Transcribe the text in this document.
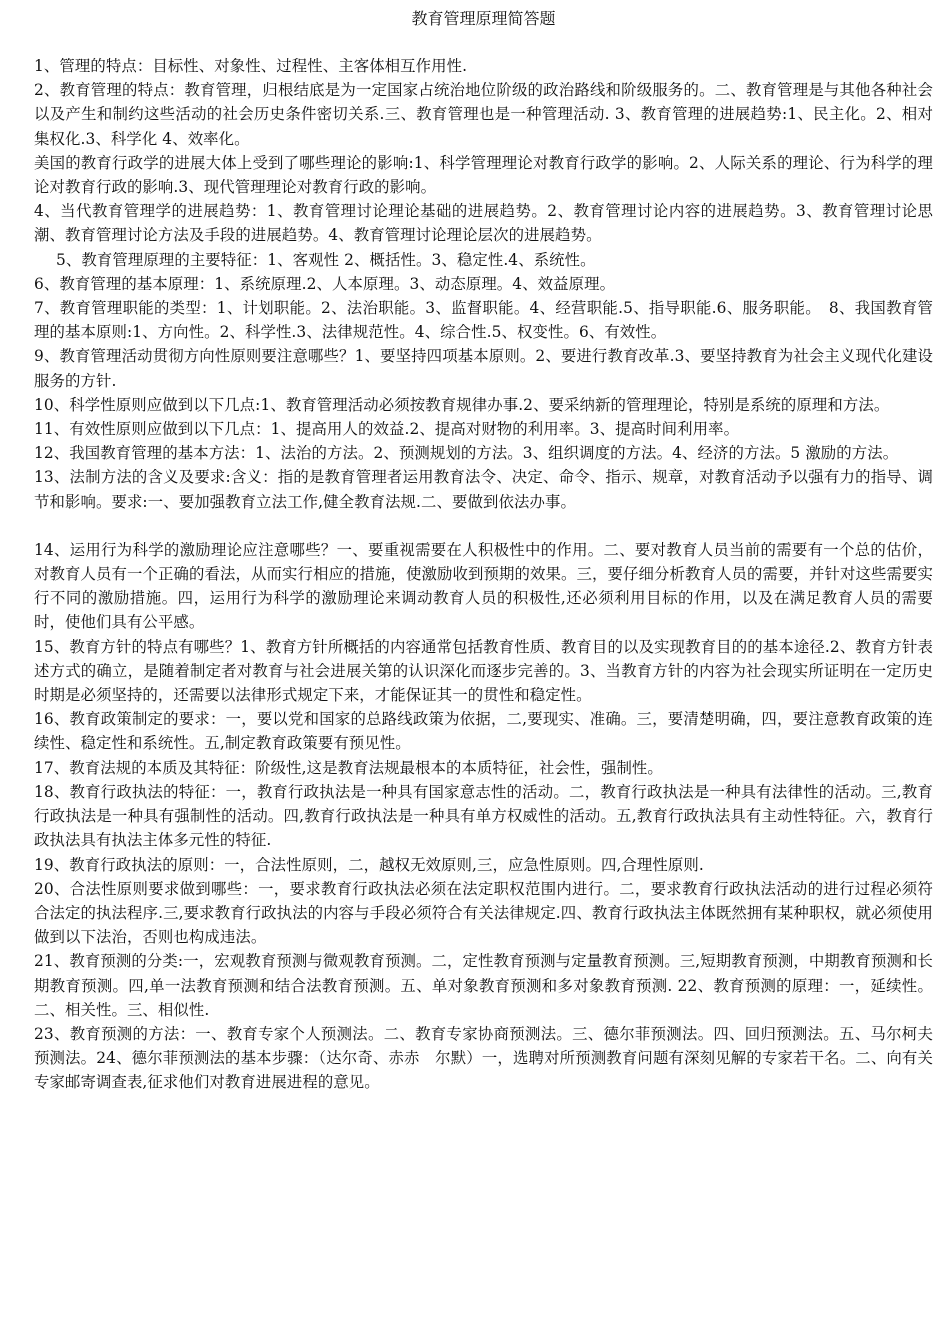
教育管理原理简答题

1、管理的特点：目标性、对象性、过程性、主客体相互作用性.

2、教育管理的特点：教育管理，归根结底是为一定国家占统治地位阶级的政治路线和阶级服务的。二、教育管理是与其他各种社会以及产生和制约这些活动的社会历史条件密切关系.三、教育管理也是一种管理活动. 3、教育管理的进展趋势:1、民主化。2、相对集权化.3、科学化 4、效率化。

美国的教育行政学的进展大体上受到了哪些理论的影响:1、科学管理理论对教育行政学的影响。2、人际关系的理论、行为科学的理论对教育行政的影响.3、现代管理理论对教育行政的影响。

4、当代教育管理学的进展趋势：1、教育管理讨论理论基础的进展趋势。2、教育管理讨论内容的进展趋势。3、教育管理讨论思潮、教育管理讨论方法及手段的进展趋势。4、教育管理讨论理论层次的进展趋势。

5、教育管理原理的主要特征：1、客观性 2、概括性。3、稳定性.4、系统性。

6、教育管理的基本原理：1、系统原理.2、人本原理。3、动态原理。4、效益原理。

7、教育管理职能的类型：1、计划职能。2、法治职能。3、监督职能。4、经营职能.5、指导职能.6、服务职能。　8、我国教育管理的基本原则:1、方向性。2、科学性.3、法律规范性。4、综合性.5、权变性。6、有效性。

9、教育管理活动贯彻方向性原则要注意哪些？1、要坚持四项基本原则。2、要进行教育改革.3、要坚持教育为社会主义现代化建设服务的方针.

10、科学性原则应做到以下几点:1、教育管理活动必须按教育规律办事.2、要采纳新的管理理论，特别是系统的原理和方法。

11、有效性原则应做到以下几点：1、提高用人的效益.2、提高对财物的利用率。3、提高时间利用率。

12、我国教育管理的基本方法：1、法治的方法。2、预测规划的方法。3、组织调度的方法。4、经济的方法。5 激励的方法。

13、法制方法的含义及要求:含义：指的是教育管理者运用教育法令、决定、命令、指示、规章，对教育活动予以强有力的指导、调节和影响。要求:一、要加强教育立法工作,健全教育法规.二、要做到依法办事。

14、运用行为科学的激励理论应注意哪些？一、要重视需要在人积极性中的作用。二、要对教育人员当前的需要有一个总的估价，对教育人员有一个正确的看法，从而实行相应的措施，使激励收到预期的效果。三，要仔细分析教育人员的需要，并针对这些需要实行不同的激励措施。四，运用行为科学的激励理论来调动教育人员的积极性,还必须利用目标的作用，以及在满足教育人员的需要时，使他们具有公平感。

15、教育方针的特点有哪些？1、教育方针所概括的内容通常包括教育性质、教育目的以及实现教育目的的基本途径.2、教育方针表述方式的确立，是随着制定者对教育与社会进展关第的认识深化而逐步完善的。3、当教育方针的内容为社会现实所证明在一定历史时期是必须坚持的，还需要以法律形式规定下来，才能保证其一的贯性和稳定性。

16、教育政策制定的要求：一，要以党和国家的总路线政策为依据，二,要现实、准确。三，要清楚明确，四，要注意教育政策的连续性、稳定性和系统性。五,制定教育政策要有预见性。

17、教育法规的本质及其特征：阶级性,这是教育法规最根本的本质特征，社会性，强制性。

18、教育行政执法的特征：一，教育行政执法是一种具有国家意志性的活动。二，教育行政执法是一种具有法律性的活动。三,教育行政执法是一种具有强制性的活动。四,教育行政执法是一种具有单方权威性的活动。五,教育行政执法具有主动性特征。六，教育行政执法具有执法主体多元性的特征.

19、教育行政执法的原则：一，合法性原则，二，越权无效原则,三，应急性原则。四,合理性原则.

20、合法性原则要求做到哪些：一，要求教育行政执法必须在法定职权范围内进行。二，要求教育行政执法活动的进行过程必须符合法定的执法程序.三,要求教育行政执法的内容与手段必须符合有关法律规定.四、教育行政执法主体既然拥有某种职权，就必须使用做到以下法治，否则也构成违法。

21、教育预测的分类:一，宏观教育预测与微观教育预测。二，定性教育预测与定量教育预测。三,短期教育预测，中期教育预测和长期教育预测。四,单一法教育预测和结合法教育预测。五、单对象教育预测和多对象教育预测. 22、教育预测的原理：一，延续性。二、相关性。三、相似性.

23、教育预测的方法：一、教育专家个人预测法。二、教育专家协商预测法。三、德尔菲预测法。四、回归预测法。五、马尔柯夫预测法。24、德尔菲预测法的基本步骤：（达尔奇、赤赤　尔默）一，选聘对所预测教育问题有深刻见解的专家若干名。二、向有关专家邮寄调查表,征求他们对教育进展进程的意见。
